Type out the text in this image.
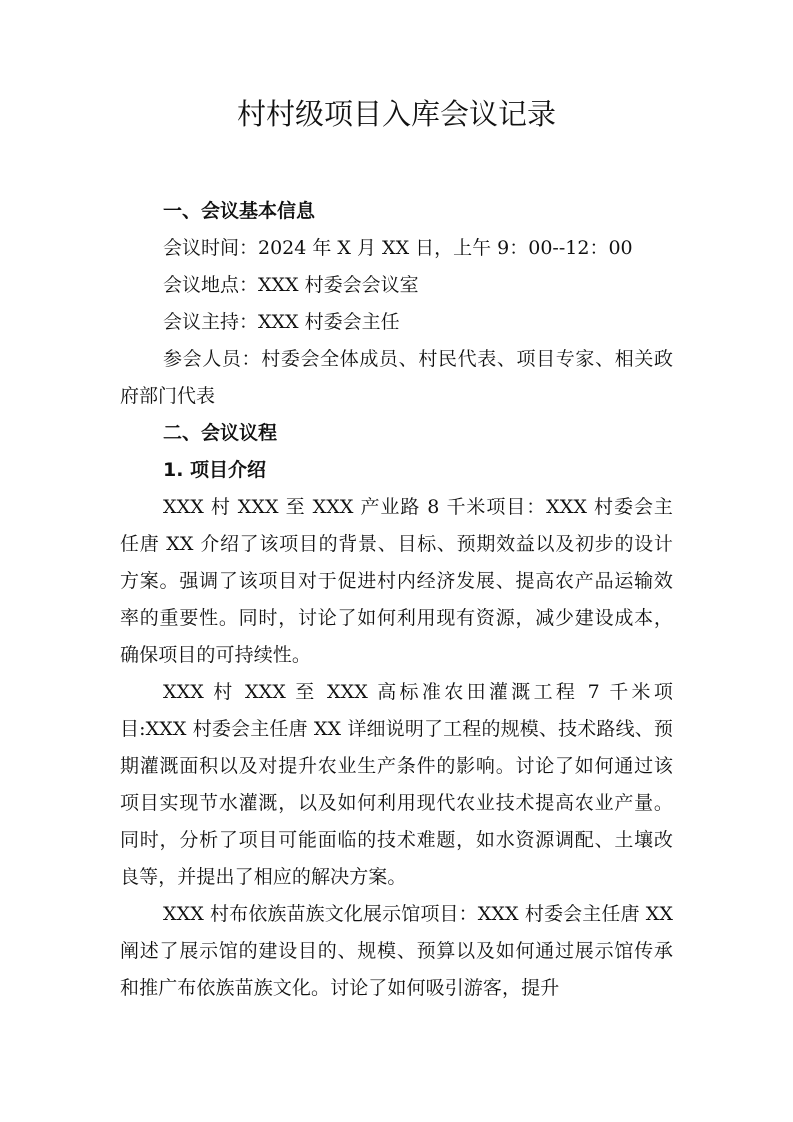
村村级项目入库会议记录
一、会议基本信息

会议时间：2024 年 X 月 XX 日，上午 9：00--12：00

会议地点：XXX 村委会会议室

会议主持：XXX 村委会主任

参会人员：村委会全体成员、村民代表、项目专家、相关政府部门代表

二、会议议程
1. 项目介绍

XXX 村 XXX 至 XXX 产业路 8 千米项目：XXX 村委会主任唐 XX 介绍了该项目的背景、目标、预期效益以及初步的设计方案。强调了该项目对于促进村内经济发展、提高农产品运输效率的重要性。同时，讨论了如何利用现有资源，减少建设成本，确保项目的可持续性。

XXX 村 XXX 至 XXX 高标准农田灌溉工程 7 千米项目:XXX 村委会主任唐 XX 详细说明了工程的规模、技术路线、预期灌溉面积以及对提升农业生产条件的影响。讨论了如何通过该项目实现节水灌溉，以及如何利用现代农业技术提高农业产量。同时，分析了项目可能面临的技术难题，如水资源调配、土壤改良等，并提出了相应的解决方案。

XXX 村布依族苗族文化展示馆项目：XXX 村委会主任唐 XX 阐述了展示馆的建设目的、规模、预算以及如何通过展示馆传承和推广布依族苗族文化。讨论了如何吸引游客，提升
